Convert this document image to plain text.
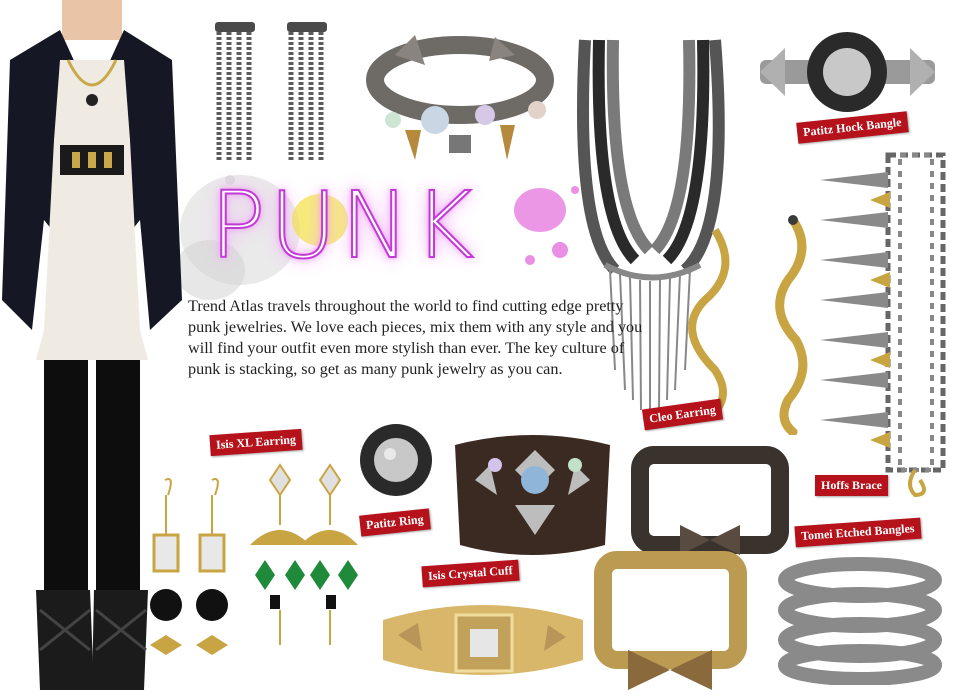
PUNK
Trend Atlas travels throughout the world to find cutting edge pretty punk jewelries. We love each pieces, mix them with any style and you will find your outfit even more stylish than ever. The key culture of punk is stacking, so get as many punk jewelry as you can.
Patitz Hock Bangle
Isis XL Earring
Cleo Earring
Hoffs Brace
Patitz Ring	Tomei Etched Bangles
Isis Crystal Cuff
